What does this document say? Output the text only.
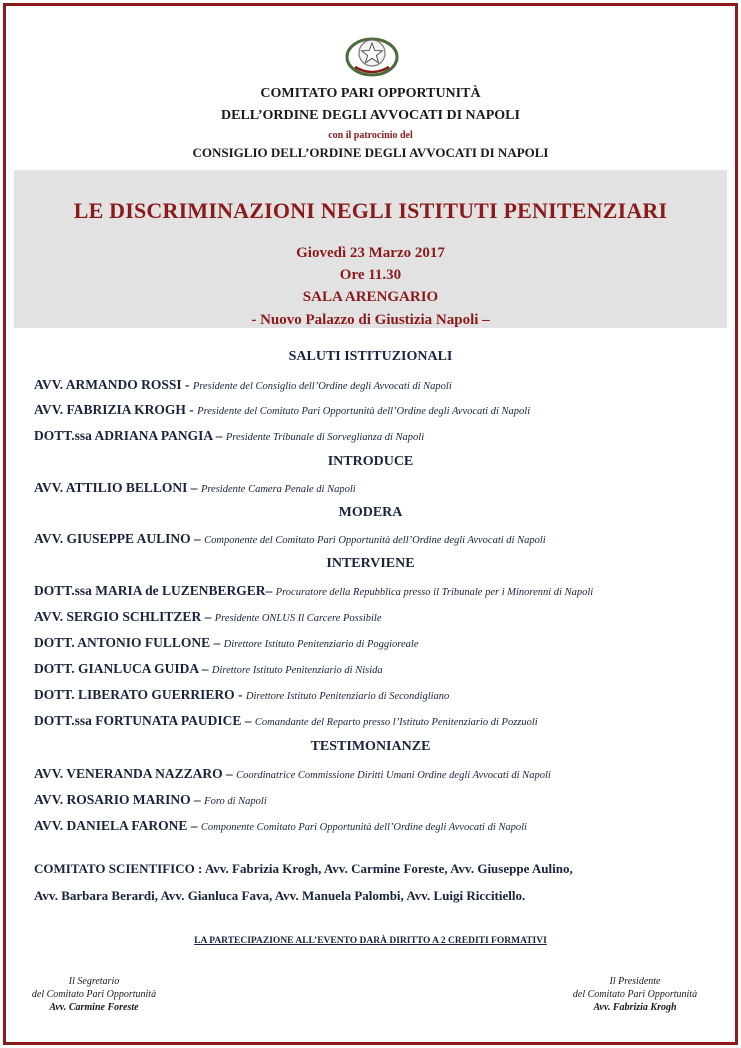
COMITATO PARI OPPORTUNITÀ
DELL’ORDINE DEGLI AVVOCATI DI NAPOLI
con il patrocinio del
CONSIGLIO DELL’ORDINE DEGLI AVVOCATI DI NAPOLI
LE DISCRIMINAZIONI NEGLI ISTITUTI PENITENZIARI
Giovedì 23 Marzo 2017
Ore 11.30
SALA ARENGARIO
- Nuovo Palazzo di Giustizia Napoli –
SALUTI ISTITUZIONALI
AVV. ARMANDO ROSSI - Presidente del Consiglio dell’Ordine degli Avvocati di Napoli
AVV. FABRIZIA KROGH - Presidente del Comitato Pari Opportunità dell’Ordine degli Avvocati di Napoli
DOTT.ssa ADRIANA PANGIA – Presidente Tribunale di Sorveglianza di Napoli
INTRODUCE
AVV. ATTILIO BELLONI – Presidente Camera Penale di Napoli
MODERA
AVV. GIUSEPPE AULINO – Componente del Comitato Pari Opportunità dell’Ordine degli Avvocati di Napoli
INTERVIENE
DOTT.ssa MARIA de LUZENBERGER– Procuratore della Repubblica presso il Tribunale per i Minorenni di Napoli
AVV. SERGIO SCHLITZER – Presidente ONLUS Il Carcere Possibile
DOTT. ANTONIO FULLONE – Direttore Istituto Penitenziario di Poggioreale
DOTT. GIANLUCA GUIDA – Direttore Istituto Penitenziario di Nisida
DOTT. LIBERATO GUERRIERO - Direttore Istituto Penitenziario di Secondigliano
DOTT.ssa FORTUNATA PAUDICE – Comandante del Reparto presso l’Istituto Penitenziario di Pozzuoli
TESTIMONIANZE
AVV. VENERANDA NAZZARO – Coordinatrice Commissione Diritti Umani Ordine degli Avvocati di Napoli
AVV. ROSARIO MARINO – Foro di Napoli
AVV. DANIELA FARONE – Componente Comitato Pari Opportunità dell’Ordine degli Avvocati di Napoli
COMITATO SCIENTIFICO : Avv. Fabrizia Krogh, Avv. Carmine Foreste, Avv. Giuseppe Aulino,
Avv. Barbara Berardi, Avv. Gianluca Fava, Avv. Manuela Palombi, Avv. Luigi Riccitiello.
LA PARTECIPAZIONE ALL’EVENTO DARÀ DIRITTO A 2 CREDITI FORMATIVI
Il Segretario
del Comitato Pari Opportunità
Avv. Carmine Foreste
Il Presidente
del Comitato Pari Opportunità
Avv. Fabrizia Krogh
